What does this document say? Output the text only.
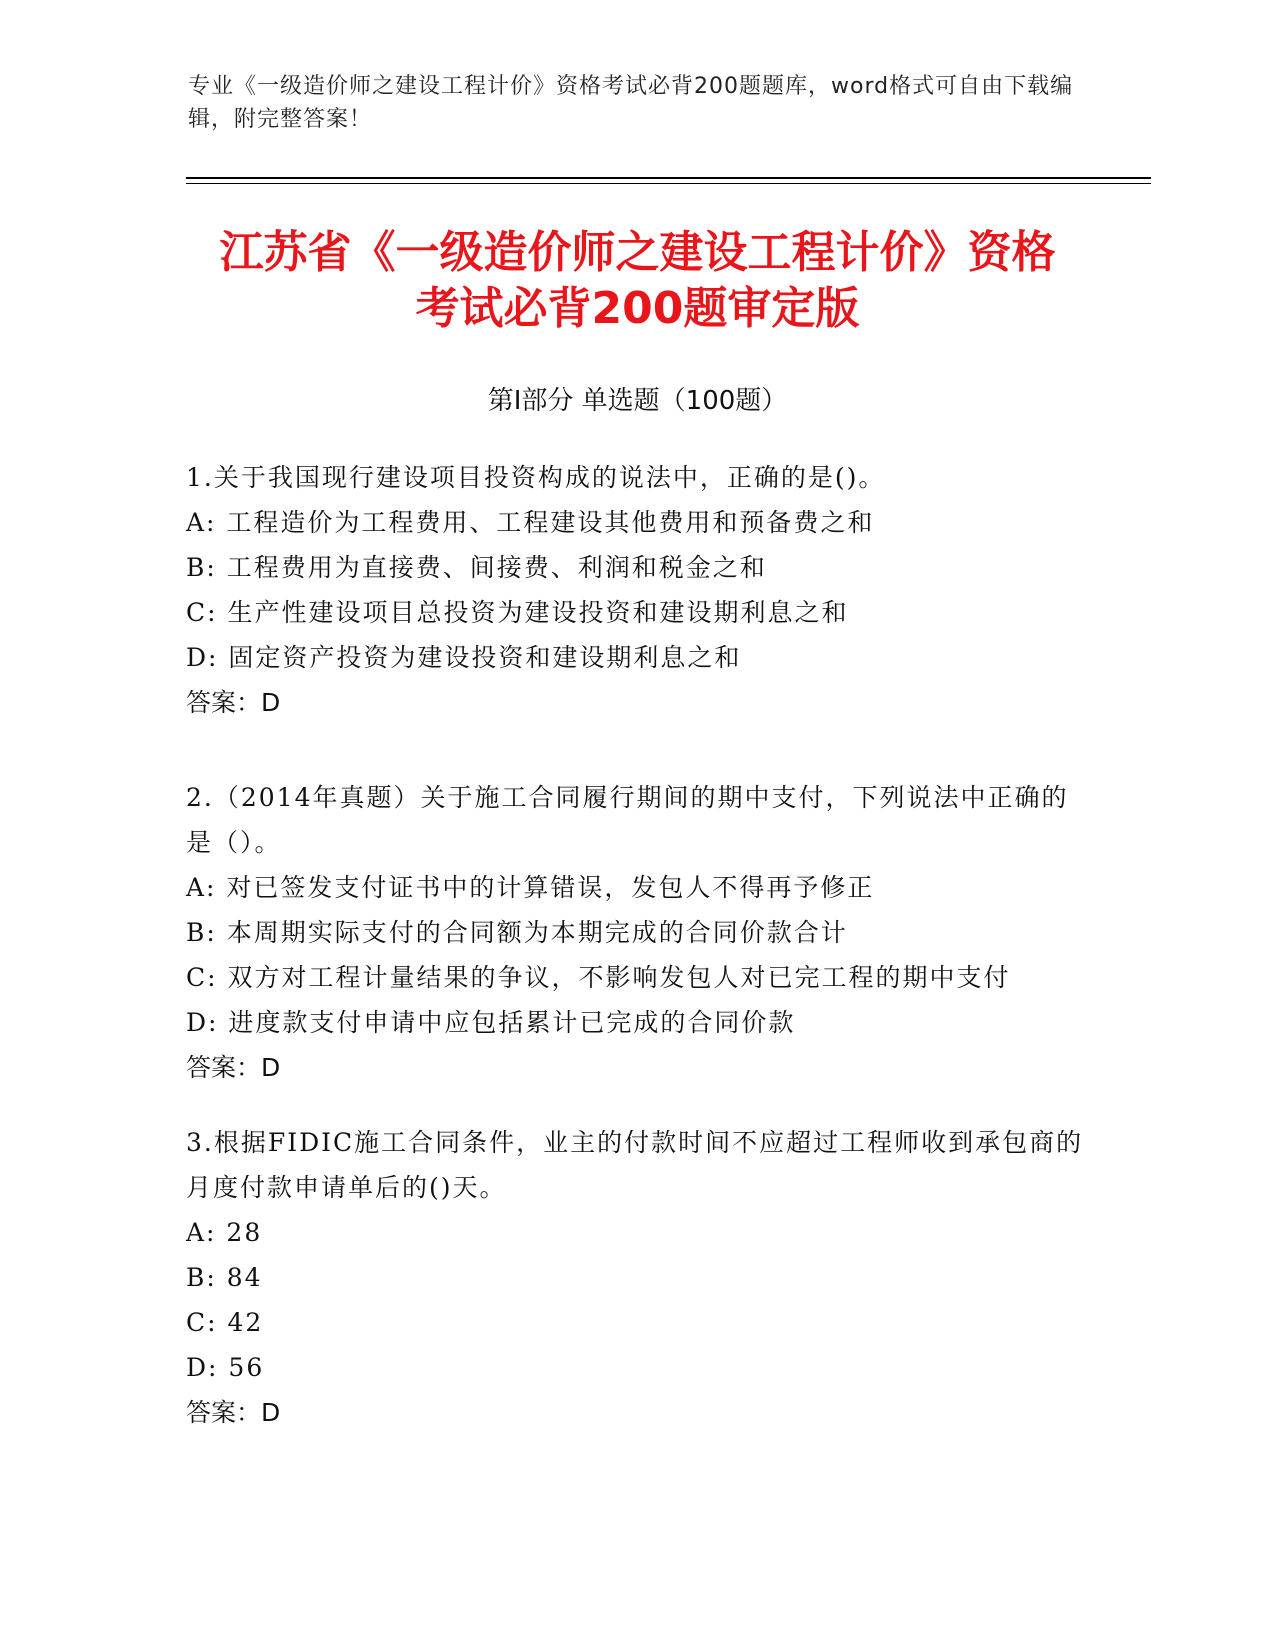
专业《一级造价师之建设工程计价》资格考试必背200题题库，word格式可自由下载编辑，附完整答案！
江苏省《一级造价师之建设工程计价》资格
考试必背200题审定版
第Ⅰ部分 单选题（100题）
1.关于我国现行建设项目投资构成的说法中，正确的是()。
A: 工程造价为工程费用、工程建设其他费用和预备费之和
B: 工程费用为直接费、间接费、利润和税金之和
C: 生产性建设项目总投资为建设投资和建设期利息之和
D: 固定资产投资为建设投资和建设期利息之和
答案：D
2.（2014年真题）关于施工合同履行期间的期中支付，下列说法中正确的是（）。
A: 对已签发支付证书中的计算错误，发包人不得再予修正
B: 本周期实际支付的合同额为本期完成的合同价款合计
C: 双方对工程计量结果的争议，不影响发包人对已完工程的期中支付
D: 进度款支付申请中应包括累计已完成的合同价款
答案：D
3.根据FIDIC施工合同条件，业主的付款时间不应超过工程师收到承包商的月度付款申请单后的()天。
A: 28
B: 84
C: 42
D: 56
答案：D
